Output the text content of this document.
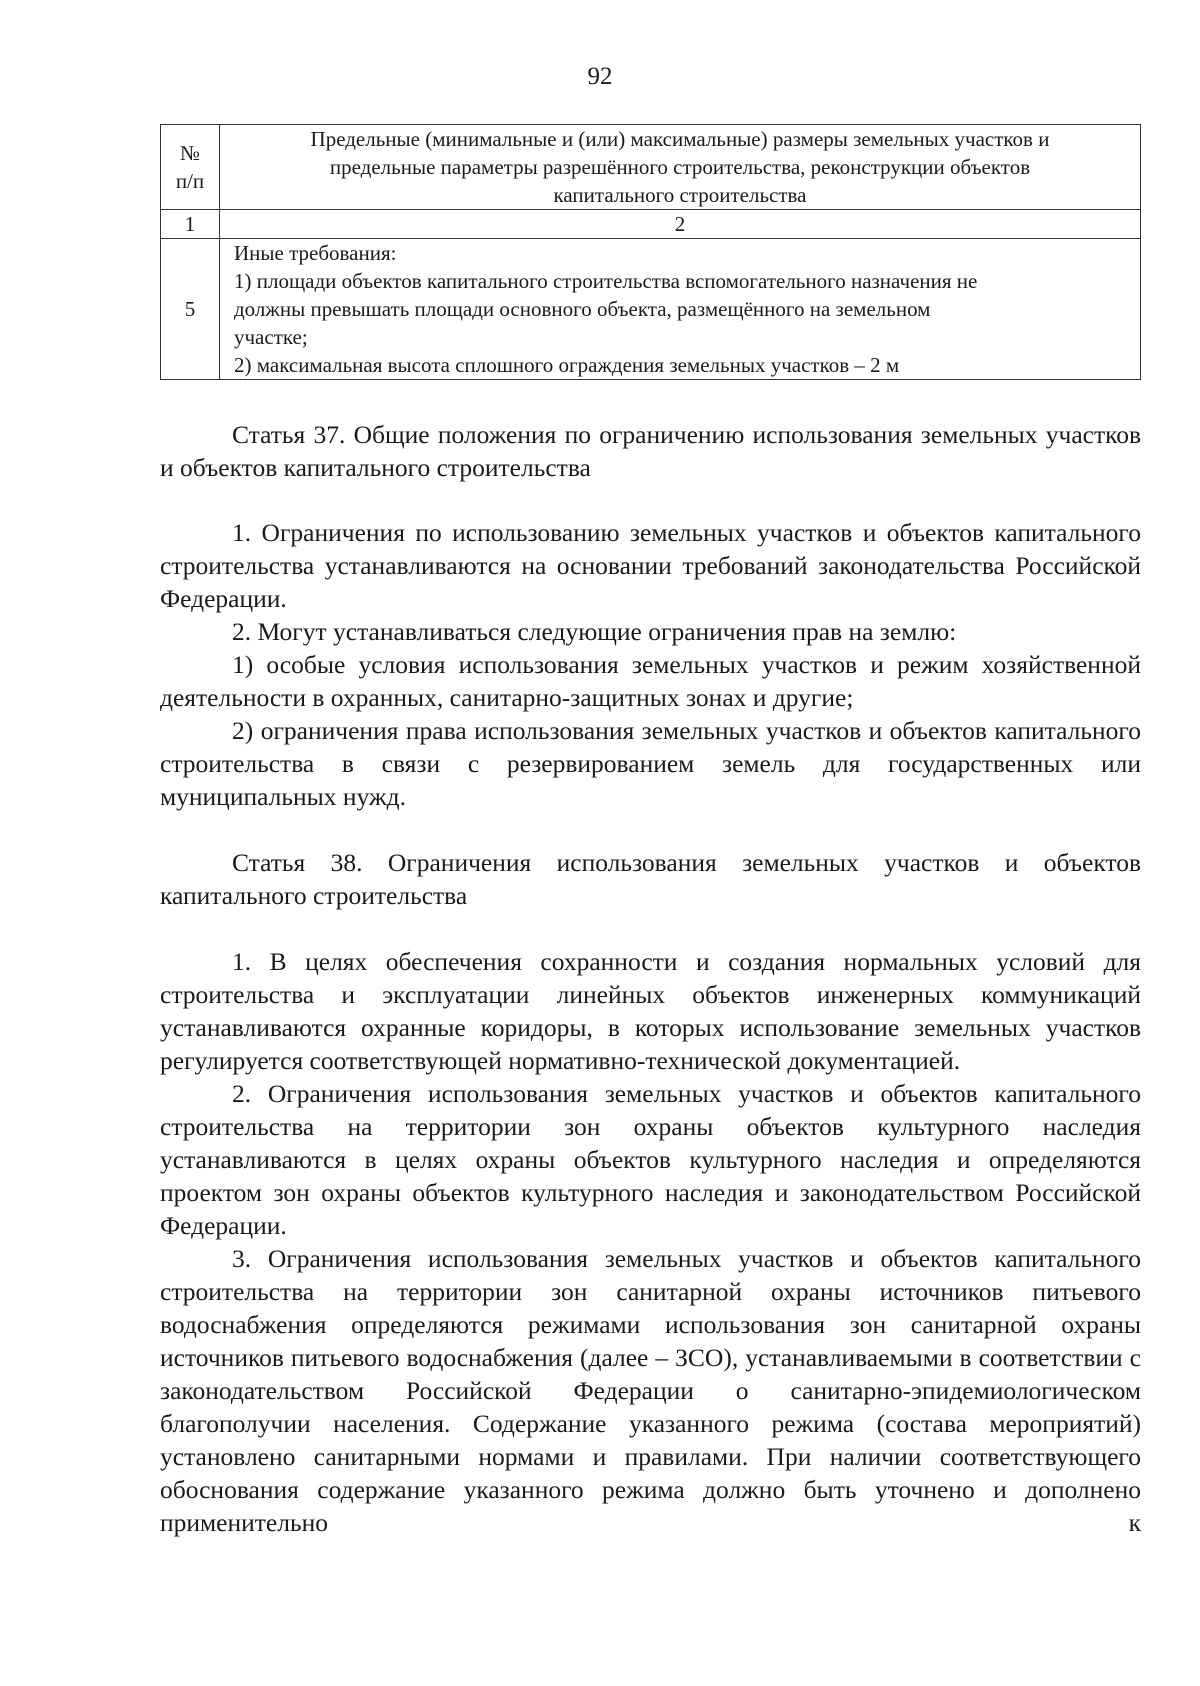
92
№
п/п	Предельные (минимальные и (или) максимальные) размеры земельных участков и
предельные параметры разрешённого строительства, реконструкции объектов
капитального строительства

1	2
5	Иные требования:
1) площади объектов капитального строительства вспомогательного назначения не
должны превышать площади основного объекта, размещённого на земельном
участке;
2) максимальная высота сплошного ограждения земельных участков – 2 м

Статья 37. Общие положения по ограничению использования земельных участков и объектов капитального строительства

1. Ограничения по использованию земельных участков и объектов капитального строительства устанавливаются на основании требований законодательства Российской Федерации.

2. Могут устанавливаться следующие ограничения прав на землю:

1) особые условия использования земельных участков и режим хозяйственной деятельности в охранных, санитарно-защитных зонах и другие;

2) ограничения права использования земельных участков и объектов капитального строительства в связи с резервированием земель для государственных или муниципальных нужд.

Статья 38. Ограничения использования земельных участков и объектов капитального строительства

1. В целях обеспечения сохранности и создания нормальных условий для строительства и эксплуатации линейных объектов инженерных коммуникаций устанавливаются охранные коридоры, в которых использование земельных участков регулируется соответствующей нормативно-технической документацией.

2. Ограничения использования земельных участков и объектов капитального строительства на территории зон охраны объектов культурного наследия устанавливаются в целях охраны объектов культурного наследия и определяются проектом зон охраны объектов культурного наследия и законодательством Российской Федерации.

3. Ограничения использования земельных участков и объектов капитального строительства на территории зон санитарной охраны источников питьевого водоснабжения определяются режимами использования зон санитарной охраны источников питьевого водоснабжения (далее – ЗСО), устанавливаемыми в соответствии с законодательством Российской Федерации о санитарно-эпидемиологическом благополучии населения. Содержание указанного режима (состава мероприятий) установлено санитарными нормами и правилами. При наличии соответствующего обоснования содержание указанного режима должно быть уточнено и дополнено применительно к
